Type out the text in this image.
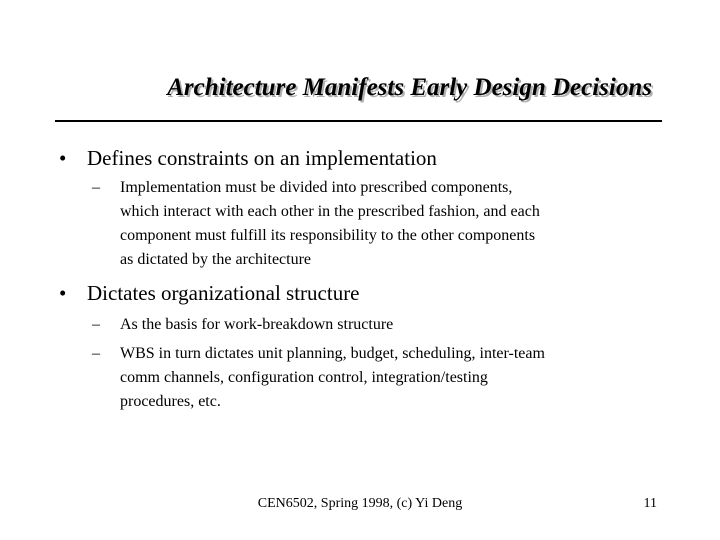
Architecture Manifests Early Design Decisions
• Defines constraints on an implementation
– Implementation must be divided into prescribed components,
which interact with each other in the prescribed fashion, and each
component must fulfill its responsibility to the other components
as dictated by the architecture
• Dictates organizational structure
– As the basis for work-breakdown structure
– WBS in turn dictates unit planning, budget, scheduling, inter-team
comm channels, configuration control, integration/testing
procedures, etc.
CEN6502, Spring 1998, (c) Yi Deng	11
